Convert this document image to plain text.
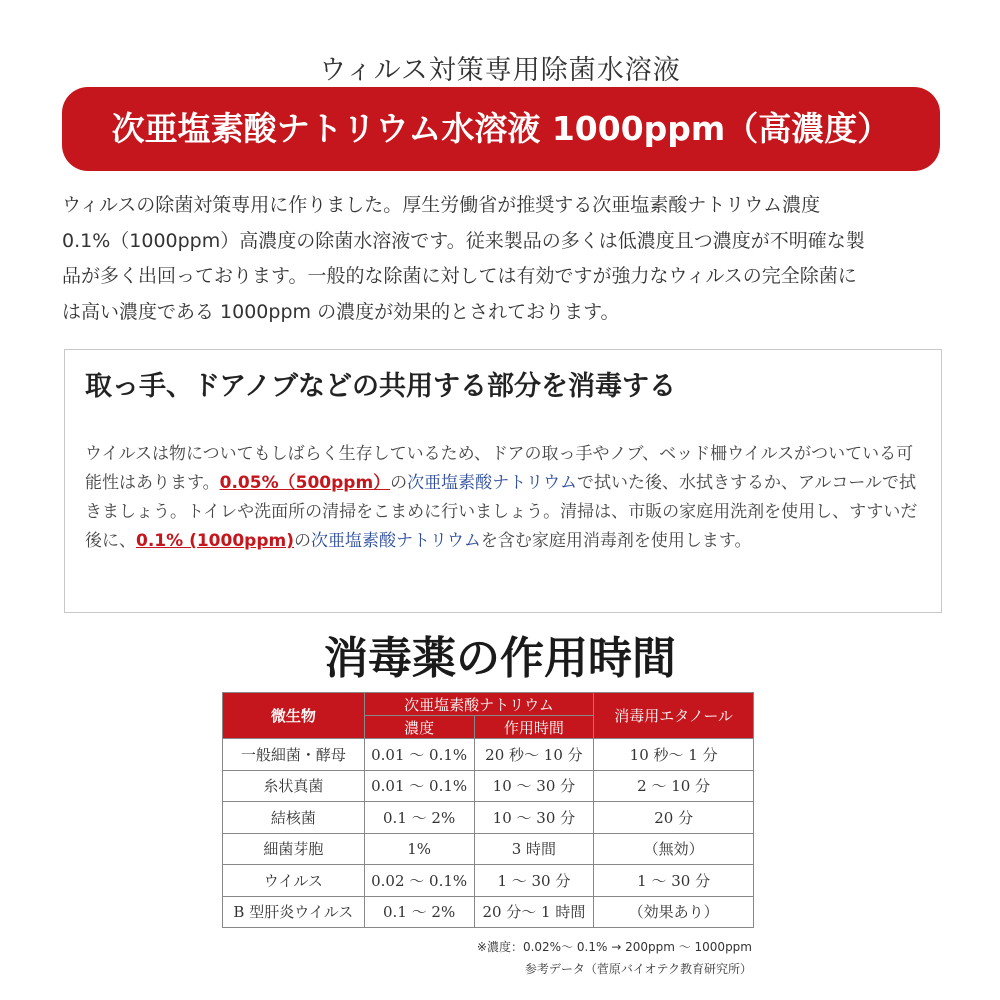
ウィルス対策専用除菌水溶液
次亜塩素酸ナトリウム水溶液 1000ppm（高濃度）
ウィルスの除菌対策専用に作りました。厚生労働省が推奨する次亜塩素酸ナトリウム濃度
0.1%（1000ppm）高濃度の除菌水溶液です。従来製品の多くは低濃度且つ濃度が不明確な製
品が多く出回っております。一般的な除菌に対しては有効ですが強力なウィルスの完全除菌に
は高い濃度である 1000ppm の濃度が効果的とされております。
取っ手、ドアノブなどの共用する部分を消毒する
ウイルスは物についてもしばらく生存しているため、ドアの取っ手やノブ、ベッド柵ウイルスがついている可能性はあります。0.05%（500ppm）の次亜塩素酸ナトリウムで拭いた後、水拭きするか、アルコールで拭きましょう。トイレや洗面所の清掃をこまめに行いましょう。清掃は、市販の家庭用洗剤を使用し、すすいだ後に、0.1% (1000ppm)の次亜塩素酸ナトリウムを含む家庭用消毒剤を使用します。
消毒薬の作用時間
微生物	次亜塩素酸ナトリウム		消毒用エタノール
	濃度	作用時間	
一般細菌・酵母	0.01 〜 0.1%	20 秒〜 10 分	10 秒〜 1 分
糸状真菌	0.01 〜 0.1%	10 〜 30 分	2 〜 10 分
結核菌	0.1 〜 2%	10 〜 30 分	20 分
細菌芽胞	1%	3 時間	（無効）
ウイルス	0.02 〜 0.1%	1 〜 30 分	1 〜 30 分
B 型肝炎ウイルス	0.1 〜 2%	20 分〜 1 時間	（効果あり）
※濃度：0.02%〜 0.1% → 200ppm 〜 1000ppm
参考データ（菅原バイオテク教育研究所）
